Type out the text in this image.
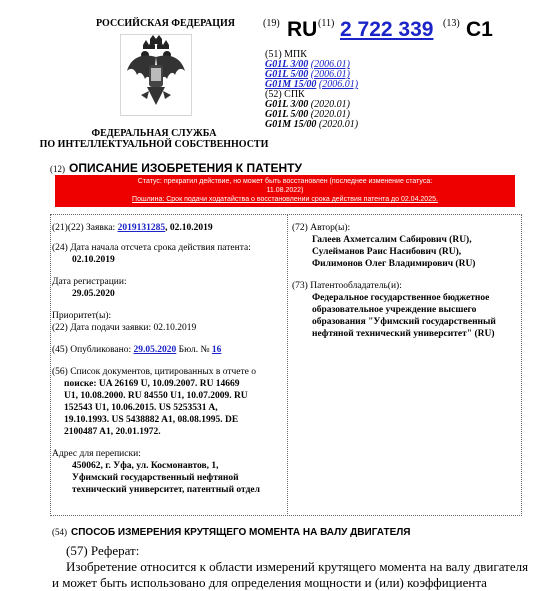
РОССИЙСКАЯ ФЕДЕРАЦИЯ
ФЕДЕРАЛЬНАЯ СЛУЖБА
ПО ИНТЕЛЛЕКТУАЛЬНОЙ СОБСТВЕННОСТИ
(19) RU (11) 2 722 339 (13) C1
(51) МПК
G01L 3/00 (2006.01)
G01L 5/00 (2006.01)
G01M 15/00 (2006.01)
(52) СПК
G01L 3/00 (2020.01)
G01L 5/00 (2020.01)
G01M 15/00 (2020.01)
(12) ОПИСАНИЕ ИЗОБРЕТЕНИЯ К ПАТЕНТУ
Статус: прекратил действие, но может быть восстановлен (последнее изменение статуса:
11.08.2022)
Пошлина: Срок подачи ходатайства о восстановлении срока действия патента до 02.04.2025.
(21)(22) Заявка: 2019131285, 02.10.2019
(24) Дата начала отсчета срока действия патента:
02.10.2019
Дата регистрации:
29.05.2020
Приоритет(ы):
(22) Дата подачи заявки: 02.10.2019
(45) Опубликовано: 29.05.2020 Бюл. № 16
(56) Список документов, цитированных в отчете о
поиске: UA 26169 U, 10.09.2007. RU 14669
U1, 10.08.2000. RU 84550 U1, 10.07.2009. RU
152543 U1, 10.06.2015. US 5253531 A,
19.10.1993. US 5438882 A1, 08.08.1995. DE
2100487 A1, 20.01.1972.
Адрес для переписки:
450062, г. Уфа, ул. Космонавтов, 1,
Уфимский государственный нефтяной
технический университет, патентный отдел
(72) Автор(ы):
Галеев Ахметсалим Сабирович (RU),
Сулейманов Раис Насибович (RU),
Филимонов Олег Владимирович (RU)
(73) Патентообладатель(и):
Федеральное государственное бюджетное
образовательное учреждение высшего
образования "Уфимский государственный
нефтяной технический университет" (RU)
(54) СПОСОБ ИЗМЕРЕНИЯ КРУТЯЩЕГО МОМЕНТА НА ВАЛУ ДВИГАТЕЛЯ
(57) Реферат:
Изобретение относится к области измерений крутящего момента на валу двигателя
и может быть использовано для определения мощности и (или) коэффициента
